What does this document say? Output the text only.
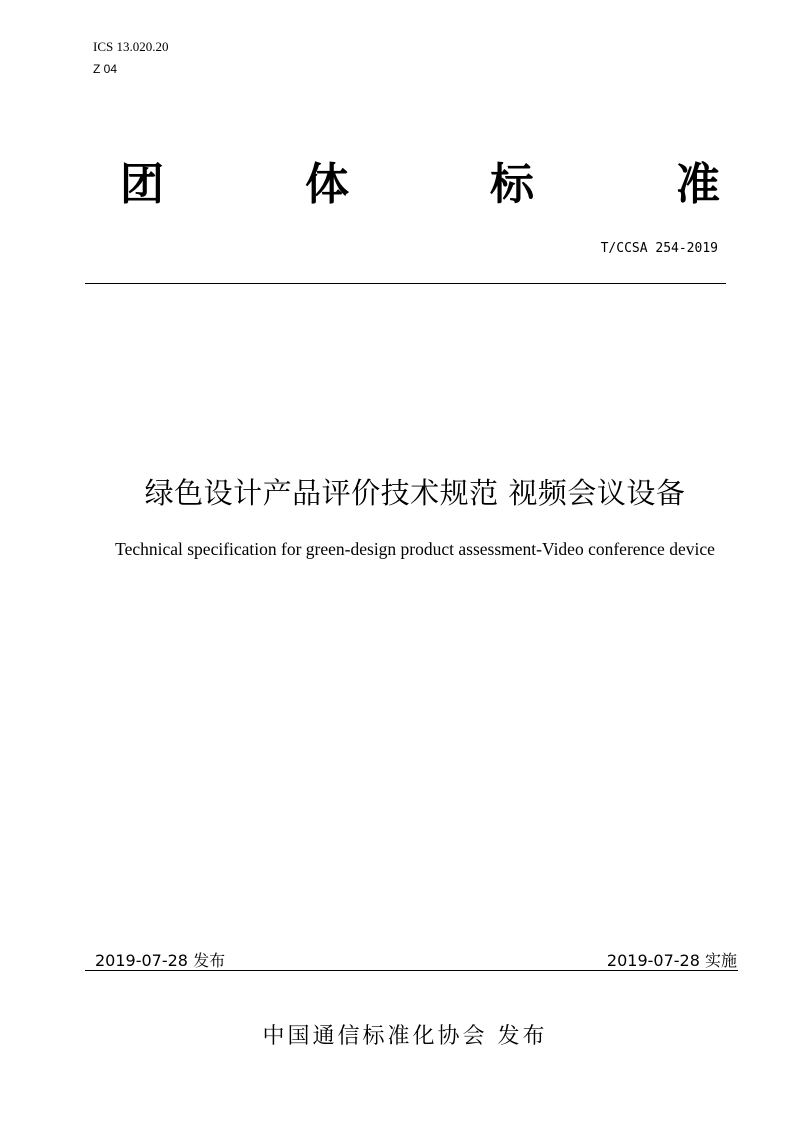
ICS 13.020.20
Z 04
团	体	标	准
T/CCSA 254-2019
绿色设计产品评价技术规范 视频会议设备
Technical specification for green-design product assessment-Video conference device
2019-07-28 发布	2019-07-28 实施
中国通信标准化协会 发布
